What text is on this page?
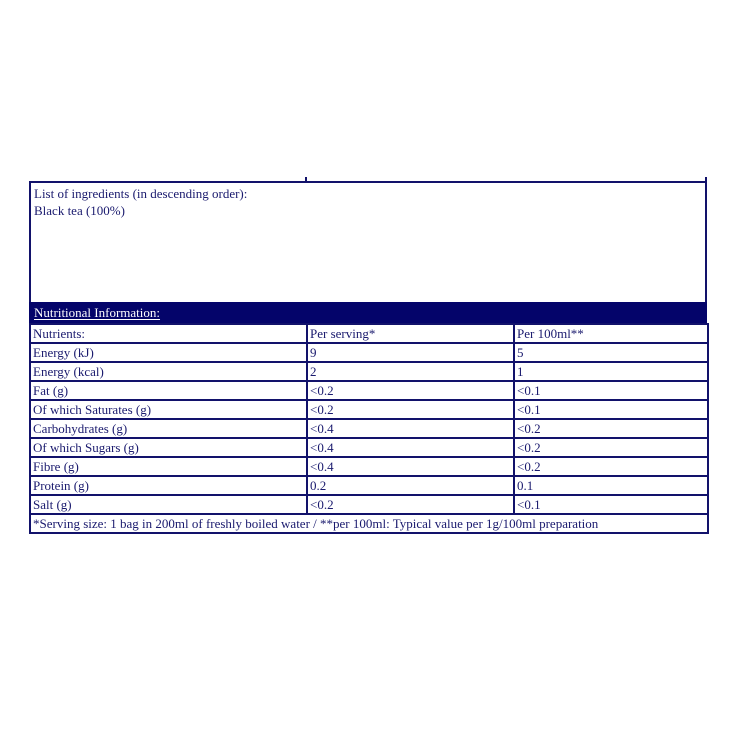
List of ingredients (in descending order):
Black tea (100%)
Nutritional Information:
Nutrients:	Per serving*	Per 100ml**
Energy (kJ)	9	5
Energy (kcal)	2	1
Fat (g)	<0.2	<0.1
Of which Saturates (g)	<0.2	<0.1
Carbohydrates (g)	<0.4	<0.2
Of which Sugars (g)	<0.4	<0.2
Fibre (g)	<0.4	<0.2
Protein (g)	0.2	0.1
Salt (g)	<0.2	<0.1
*Serving size: 1 bag in 200ml of freshly boiled water / **per 100ml: Typical value per 1g/100ml preparation		
